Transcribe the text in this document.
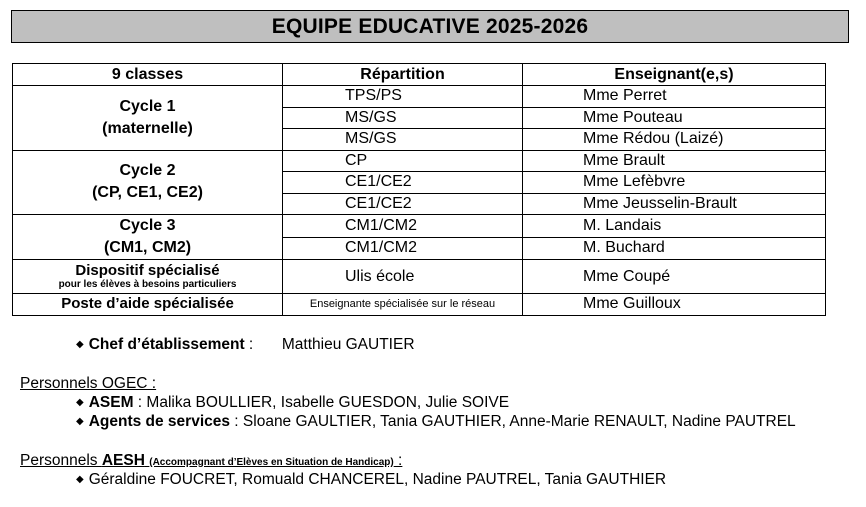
EQUIPE EDUCATIVE 2025-2026
9 classes	Répartition	Enseignant(e,s)
Cycle 1
(maternelle)	TPS/PS	Mme Perret
	MS/GS	Mme Pouteau
	MS/GS	Mme Rédou (Laizé)
Cycle 2
(CP, CE1, CE2)	CP	Mme Brault
	CE1/CE2	Mme Lefèbvre
	CE1/CE2	Mme Jeusselin-Brault
Cycle 3
(CM1, CM2)	CM1/CM2	M. Landais
	CM1/CM2	M. Buchard

Dispositif spécialisé
pour les élèves à besoins particuliers	Ulis école	Mme Coupé
Poste d’aide spécialisée	Enseignante spécialisée sur le réseau	Mme Guilloux
◆ Chef d’établissement : Matthieu GAUTIER
Personnels OGEC :
◆ ASEM : Malika BOULLIER, Isabelle GUESDON, Julie SOIVE
◆ Agents de services : Sloane GAULTIER, Tania GAUTHIER, Anne-Marie RENAULT, Nadine PAUTREL
Personnels AESH (Accompagnant d’Elèves en Situation de Handicap) :
◆ Géraldine FOUCRET, Romuald CHANCEREL, Nadine PAUTREL, Tania GAUTHIER
